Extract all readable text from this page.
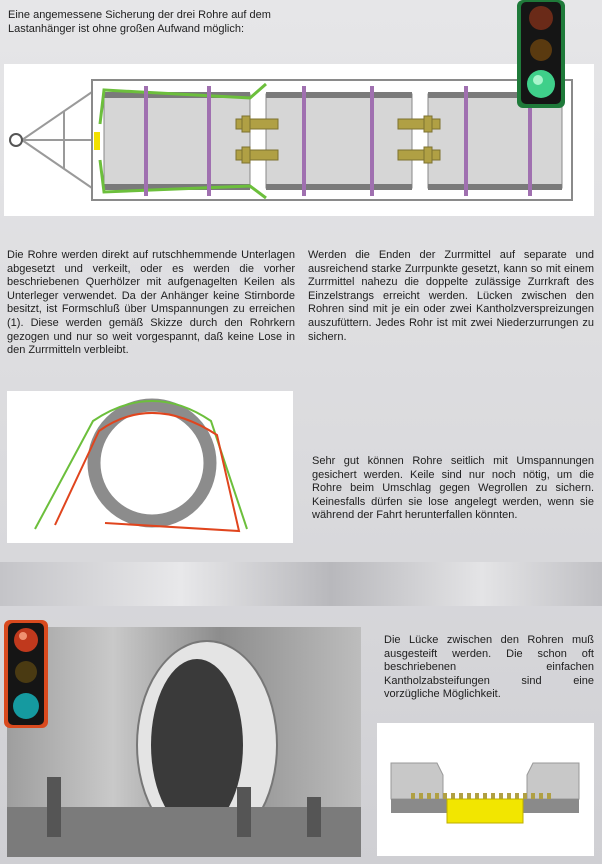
Eine angemessene Sicherung der drei Rohre auf dem Lastanhänger ist ohne großen Aufwand möglich:
Die Rohre werden direkt auf rutschhemmende Unterlagen abgesetzt und verkeilt, oder es werden die vorher beschriebenen Querhölzer mit aufgenagelten Keilen als Unterleger verwendet. Da der Anhänger keine Stirnborde besitzt, ist Formschluß über Umspannungen zu erreichen (1). Diese werden gemäß Skizze durch den Rohrkern gezogen und nur so weit vorgespannt, daß keine Lose in den Zurrmitteln verbleibt.
Werden die Enden der Zurrmittel auf separate und ausreichend starke Zurrpunkte gesetzt, kann so mit einem Zurrmittel nahezu die doppelte zulässige Zurrkraft des Einzelstrangs erreicht werden. Lücken zwischen den Rohren sind mit je ein oder zwei Kantholzverspreizungen auszufüttern. Jedes Rohr ist mit zwei Niederzurrungen zu sichern.
Sehr gut können Rohre seitlich mit Umspannungen gesichert werden. Keile sind nur noch nötig, um die Rohre beim Umschlag gegen Wegrollen zu sichern. Keinesfalls dürfen sie lose angelegt werden, wenn sie während der Fahrt herunterfallen könnten.
Die Lücke zwischen den Rohren muß ausgesteift werden. Die schon oft beschriebenen einfachen Kantholzabsteifungen sind eine vorzügliche Möglichkeit.
